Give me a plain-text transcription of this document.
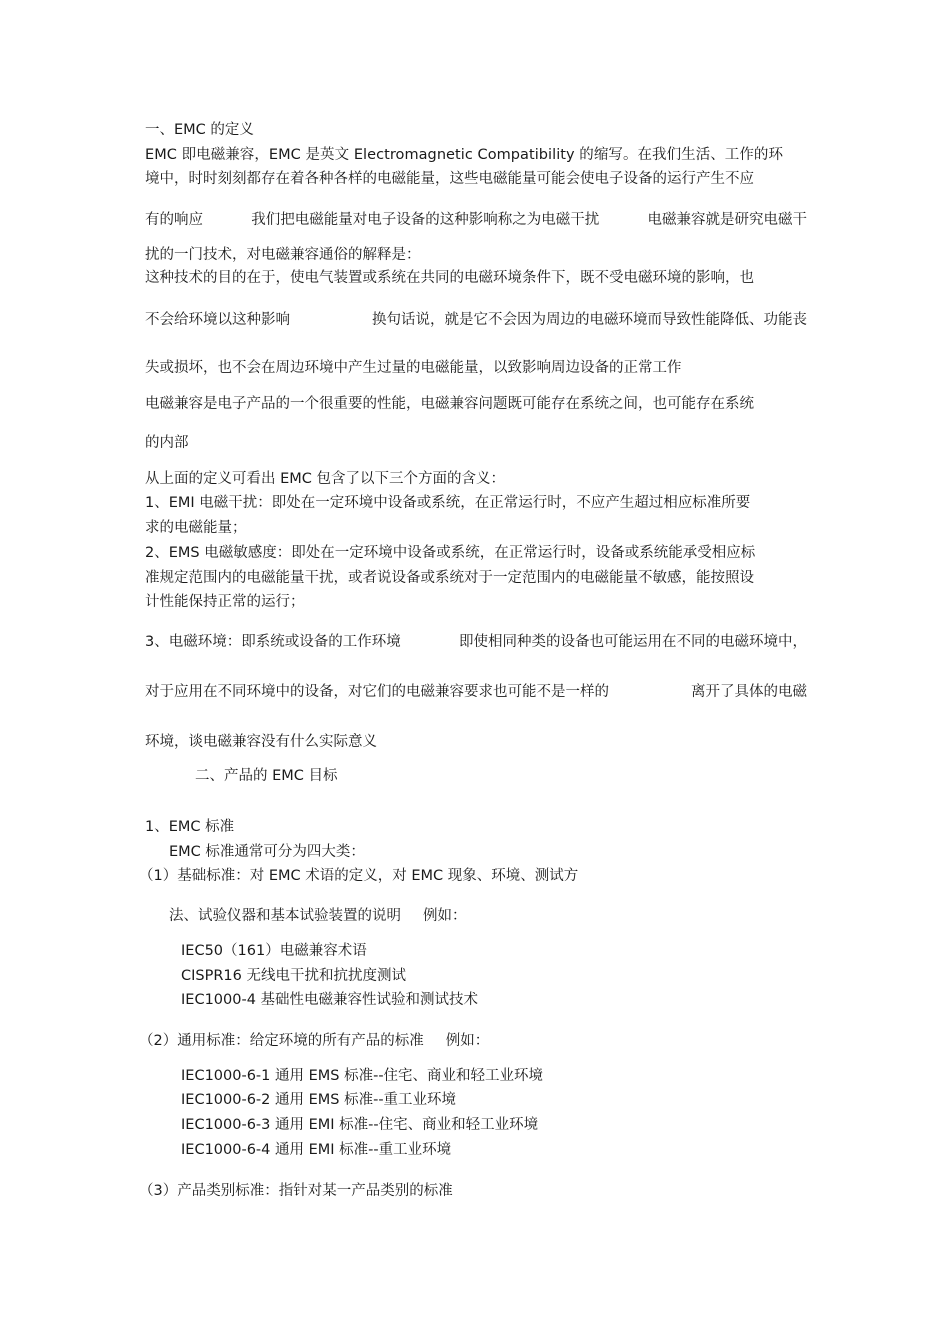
一、EMC 的定义
EMC 即电磁兼容，EMC 是英文 Electromagnetic Compatibility 的缩写。在我们生活、工作的环
境中，时时刻刻都存在着各种各样的电磁能量，这些电磁能量可能会使电子设备的运行产生不应
有的响应	我们把电磁能量对电子设备的这种影响称之为电磁干扰	电磁兼容就是研究电磁干
扰的一门技术，对电磁兼容通俗的解释是：
这种技术的目的在于，使电气装置或系统在共同的电磁环境条件下，既不受电磁环境的影响，也
不会给环境以这种影响	换句话说，就是它不会因为周边的电磁环境而导致性能降低、功能丧
失或损坏，也不会在周边环境中产生过量的电磁能量，以致影响周边设备的正常工作
电磁兼容是电子产品的一个很重要的性能，电磁兼容问题既可能存在系统之间，也可能存在系统
的内部
从上面的定义可看出 EMC 包含了以下三个方面的含义：
1、EMI 电磁干扰：即处在一定环境中设备或系统，在正常运行时，不应产生超过相应标准所要
求的电磁能量；
2、EMS 电磁敏感度：即处在一定环境中设备或系统，在正常运行时，设备或系统能承受相应标
准规定范围内的电磁能量干扰，或者说设备或系统对于一定范围内的电磁能量不敏感，能按照设
计性能保持正常的运行；
3、电磁环境：即系统或设备的工作环境	即使相同种类的设备也可能运用在不同的电磁环境中，
对于应用在不同环境中的设备，对它们的电磁兼容要求也可能不是一样的	离开了具体的电磁
环境，谈电磁兼容没有什么实际意义
二、产品的 EMC 目标
1、EMC 标准
EMC 标准通常可分为四大类：
（1）基础标准：对 EMC 术语的定义，对 EMC 现象、环境、测试方
法、试验仪器和基本试验装置的说明 例如：
IEC50（161）电磁兼容术语
CISPR16 无线电干扰和抗扰度测试
IEC1000-4 基础性电磁兼容性试验和测试技术
（2）通用标准：给定环境的所有产品的标准 例如：
IEC1000-6-1 通用 EMS 标准--住宅、商业和轻工业环境
IEC1000-6-2 通用 EMS 标准--重工业环境
IEC1000-6-3 通用 EMI 标准--住宅、商业和轻工业环境
IEC1000-6-4 通用 EMI 标准--重工业环境
（3）产品类别标准：指针对某一产品类别的标准
